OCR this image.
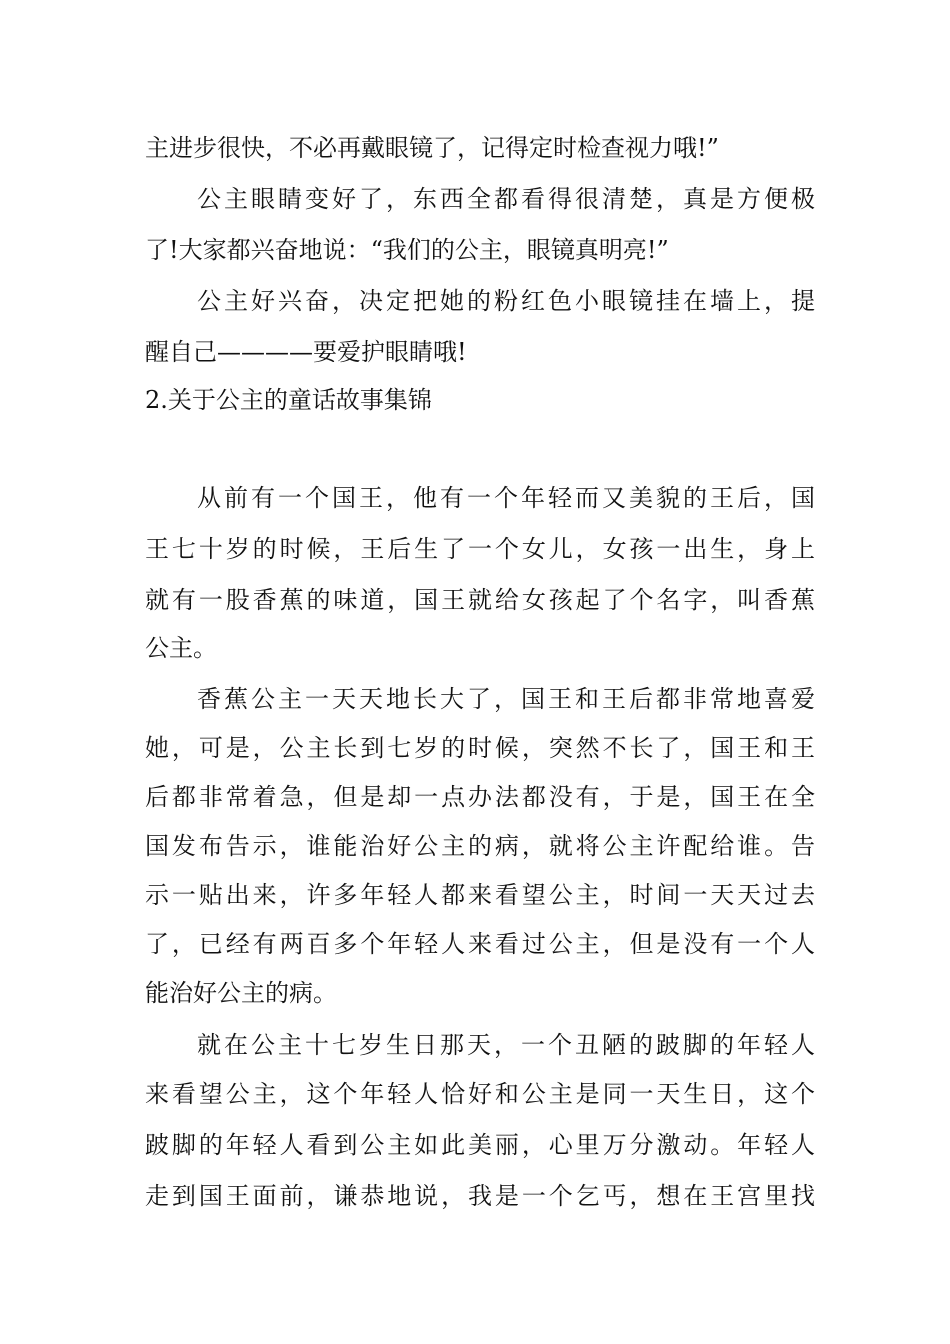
主进步很快，不必再戴眼镜了，记得定时检查视力哦!”
公主眼睛变好了，东西全都看得很清楚，真是方便极
了!大家都兴奋地说：“我们的公主，眼镜真明亮!”
公主好兴奋，决定把她的粉红色小眼镜挂在墙上，提
醒自己————要爱护眼睛哦!
2.关于公主的童话故事集锦
从前有一个国王，他有一个年轻而又美貌的王后，国
王七十岁的时候，王后生了一个女儿，女孩一出生，身上
就有一股香蕉的味道，国王就给女孩起了个名字，叫香蕉
公主。
香蕉公主一天天地长大了，国王和王后都非常地喜爱
她，可是，公主长到七岁的时候，突然不长了，国王和王
后都非常着急，但是却一点办法都没有，于是，国王在全
国发布告示，谁能治好公主的病，就将公主许配给谁。告
示一贴出来，许多年轻人都来看望公主，时间一天天过去
了，已经有两百多个年轻人来看过公主，但是没有一个人
能治好公主的病。
就在公主十七岁生日那天，一个丑陋的跛脚的年轻人
来看望公主，这个年轻人恰好和公主是同一天生日，这个
跛脚的年轻人看到公主如此美丽，心里万分激动。年轻人
走到国王面前，谦恭地说，我是一个乞丐，想在王宫里找
